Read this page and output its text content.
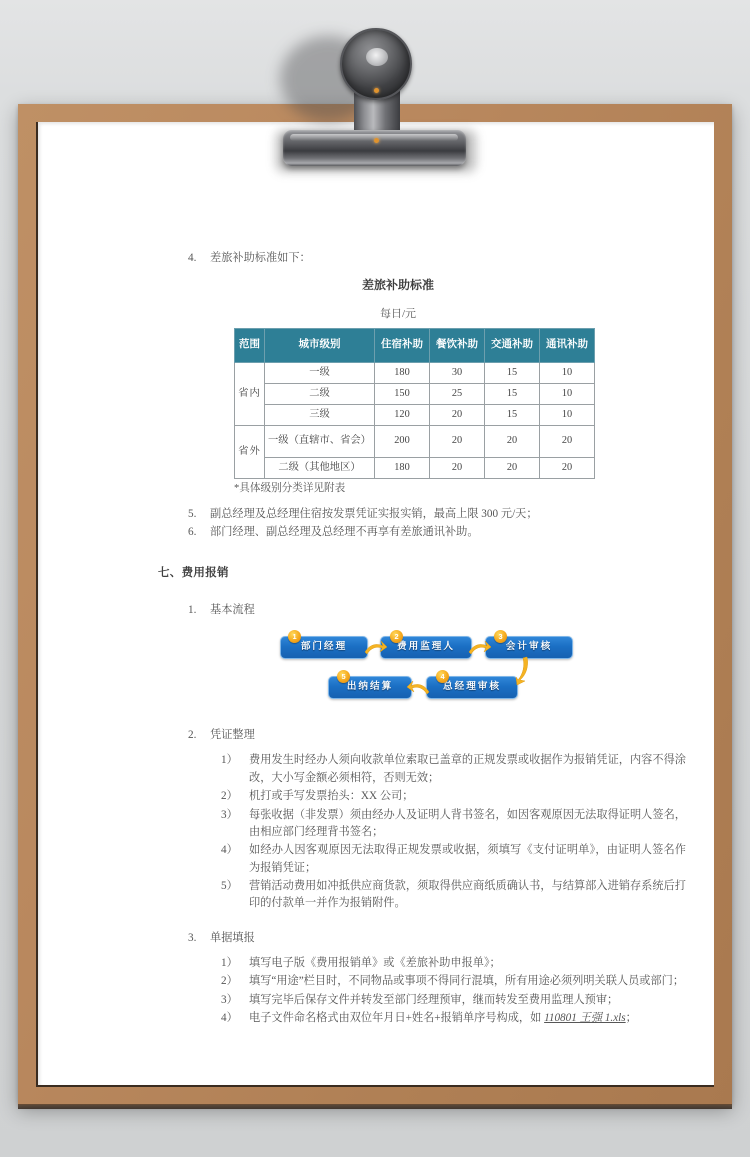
4.	差旅补助标准如下：
差旅补助标准
每日/元
范围	城市级别	住宿补助	餐饮补助	交通补助	通讯补助
省内	一级	180	30	15	10
	二级	150	25	15	10
	三级	120	20	15	10
省外	一级（直辖市、省会）	200	20	20	20
	二级（其他地区）	180	20	20	20
*具体级别分类详见附表
5.	副总经理及总经理住宿按发票凭证实报实销，最高上限 300 元/天；
6.	部门经理、副总经理及总经理不再享有差旅通讯补助。
七、费用报销
1.	基本流程
1
部门经理
2
费用监理人
3
会计审核
4
总经理审核
5
出纳结算
2.	凭证整理
1）	费用发生时经办人须向收款单位索取已盖章的正规发票或收据作为报销凭证，内容不得涂改，大小写金额必须相符，否则无效；
2）	机打或手写发票抬头：XX 公司；
3）	每张收据（非发票）须由经办人及证明人背书签名，如因客观原因无法取得证明人签名，由相应部门经理背书签名；
4）	如经办人因客观原因无法取得正规发票或收据，须填写《支付证明单》，由证明人签名作为报销凭证；
5）	营销活动费用如冲抵供应商货款，须取得供应商纸质确认书，与结算部入进销存系统后打印的付款单一并作为报销附件。
3.	单据填报
1）	填写电子版《费用报销单》或《差旅补助申报单》；
2）	填写“用途”栏目时，不同物品或事项不得同行混填，所有用途必须列明关联人员或部门；
3）	填写完毕后保存文件并转发至部门经理预审，继而转发至费用监理人预审；
4）	电子文件命名格式由双位年月日+姓名+报销单序号构成，如 110801 王强 1.xls；
